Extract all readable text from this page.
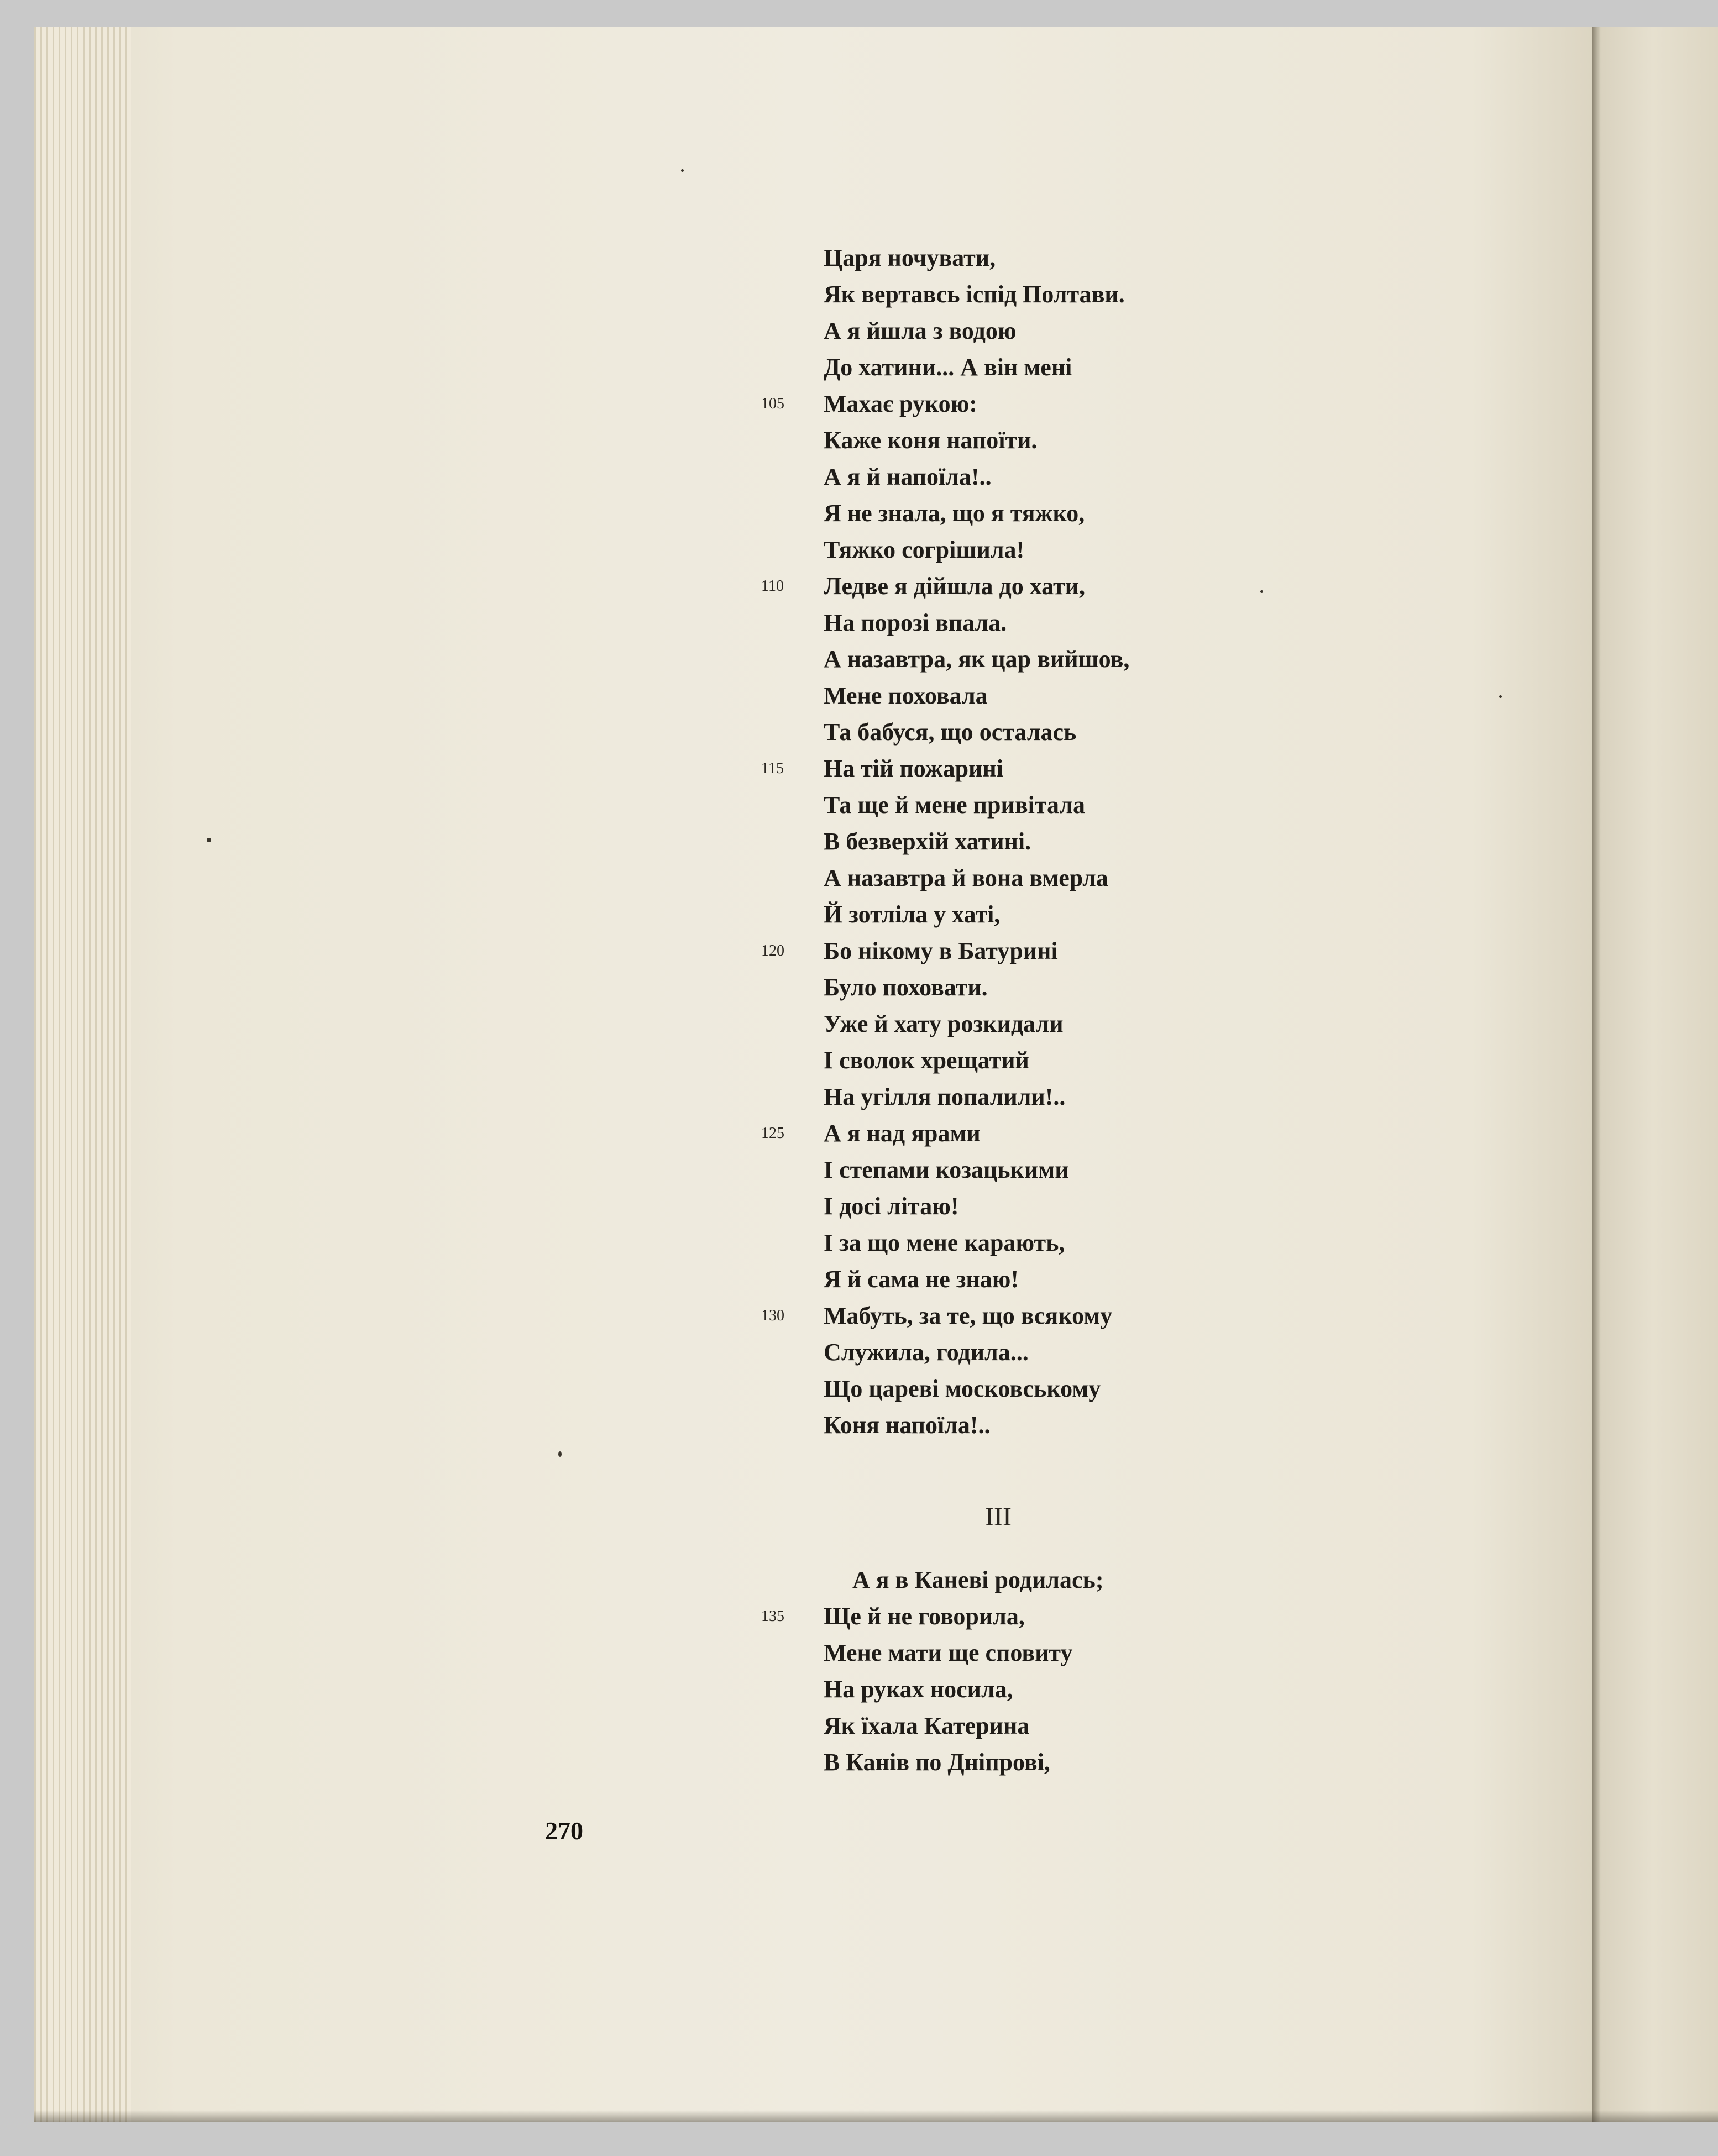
Царя ночувати,
Як вертавсь іспід Полтави.
А я йшла з водою
До хатини... А він мені
Махає рукою:
Каже коня напоїти.
А я й напоїла!..
Я не знала, що я тяжко,
Тяжко согрішила!
Ледве я дійшла до хати,
На порозі впала.
А назавтра, як цар вийшов,
Мене поховала
Та бабуся, що осталась
На тій пожарині
Та ще й мене привітала
В безверхій хатині.
А назавтра й вона вмерла
Й зотліла у хаті,
Бо нікому в Батурині
Було поховати.
Уже й хату розкидали
І сволок хрещатий
На угілля попалили!..
А я над ярами
І степами козацькими
І досі літаю!
І за що мене карають,
Я й сама не знаю!
Мабуть, за те, що всякому
Служила, годила...
Що цареві московському
Коня напоїла!..
III
А я в Каневі родилась;
Ще й не говорила,
Мене мати ще сповиту
На руках носила,
Як їхала Катерина
В Канів по Дніпрові,
105
110
115
120
125
130
135
270
